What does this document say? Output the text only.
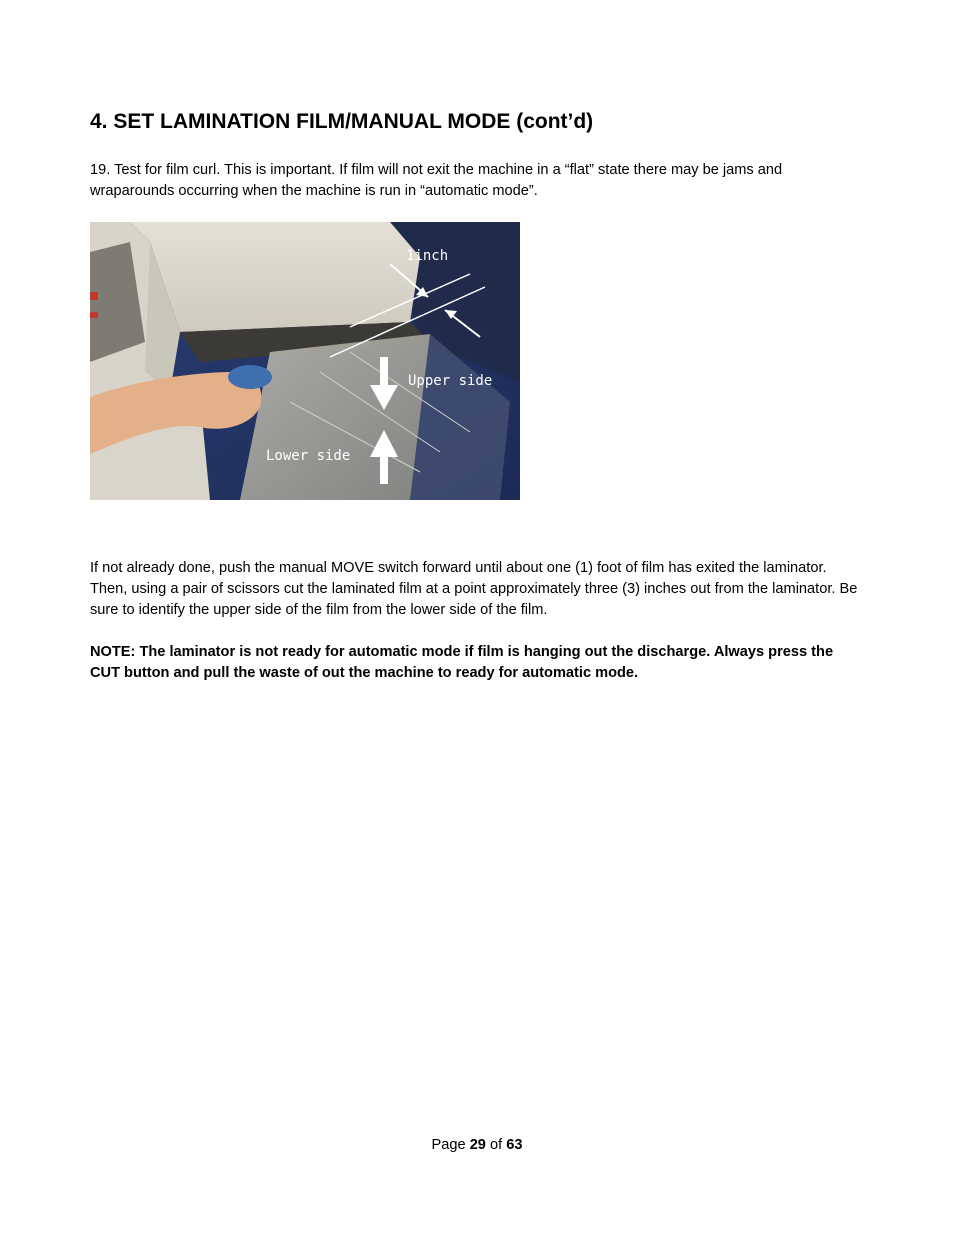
4. SET LAMINATION FILM/MANUAL MODE (cont’d)

19. Test for film curl. This is important. If film will not exit the machine in a “flat” state there may be jams and wraparounds occurring when the machine is run in “automatic mode”.

1inch
Upper side
Lower side

If not already done, push the manual MOVE switch forward until about one (1) foot of film has exited the laminator. Then, using a pair of scissors cut the laminated film at a point approximately three (3) inches out from the laminator. Be sure to identify the upper side of the film from the lower side of the film.

NOTE: The laminator is not ready for automatic mode if film is hanging out the discharge. Always press the CUT button and pull the waste of out the machine to ready for automatic mode.

Page 29 of 63
